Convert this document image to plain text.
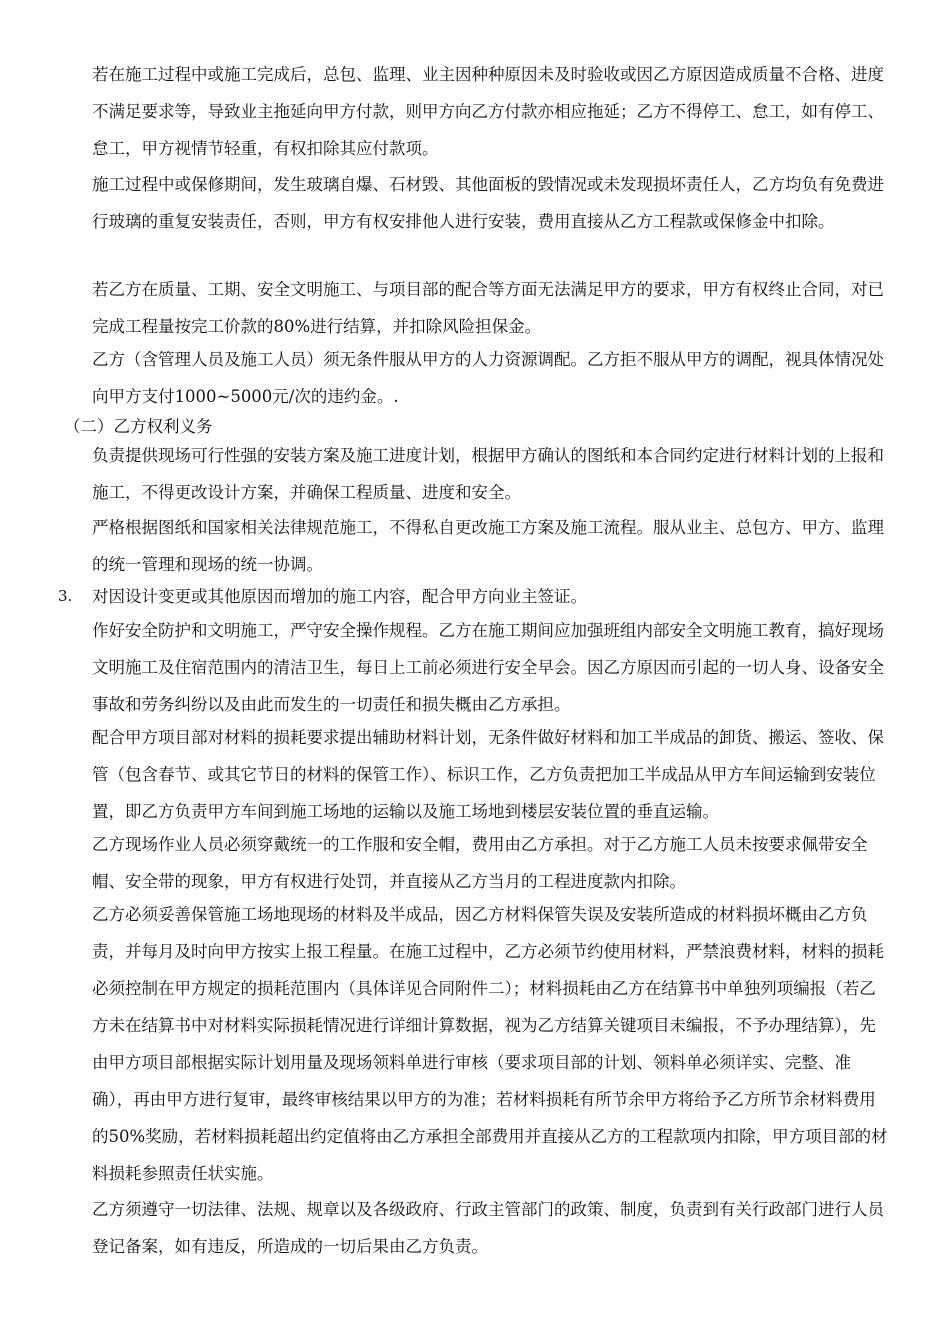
若在施工过程中或施工完成后，总包、监理、业主因种种原因未及时验收或因乙方原因造成质量不合格、进度不满足要求等，导致业主拖延向甲方付款，则甲方向乙方付款亦相应拖延；乙方不得停工、怠工，如有停工、怠工，甲方视情节轻重，有权扣除其应付款项。
施工过程中或保修期间，发生玻璃自爆、石材毁、其他面板的毁情况或未发现损坏责任人，乙方均负有免费进行玻璃的重复安装责任，否则，甲方有权安排他人进行安装，费用直接从乙方工程款或保修金中扣除。
若乙方在质量、工期、安全文明施工、与项目部的配合等方面无法满足甲方的要求，甲方有权终止合同，对已完成工程量按完工价款的80%进行结算，并扣除风险担保金。
乙方（含管理人员及施工人员）须无条件服从甲方的人力资源调配。乙方拒不服从甲方的调配，视具体情况处向甲方支付1000~5000元/次的违约金。.
（二）乙方权利义务
负责提供现场可行性强的安装方案及施工进度计划，根据甲方确认的图纸和本合同约定进行材料计划的上报和施工，不得更改设计方案，并确保工程质量、进度和安全。
严格根据图纸和国家相关法律规范施工，不得私自更改施工方案及施工流程。服从业主、总包方、甲方、监理的统一管理和现场的统一协调。
3.	对因设计变更或其他原因而增加的施工内容，配合甲方向业主签证。
作好安全防护和文明施工，严守安全操作规程。乙方在施工期间应加强班组内部安全文明施工教育，搞好现场文明施工及住宿范围内的清洁卫生，每日上工前必须进行安全早会。因乙方原因而引起的一切人身、设备安全事故和劳务纠纷以及由此而发生的一切责任和损失概由乙方承担。
配合甲方项目部对材料的损耗要求提出辅助材料计划，无条件做好材料和加工半成品的卸货、搬运、签收、保管（包含春节、或其它节日的材料的保管工作）、标识工作，乙方负责把加工半成品从甲方车间运输到安装位置，即乙方负责甲方车间到施工场地的运输以及施工场地到楼层安装位置的垂直运输。
乙方现场作业人员必须穿戴统一的工作服和安全帽，费用由乙方承担。对于乙方施工人员未按要求佩带安全帽、安全带的现象，甲方有权进行处罚，并直接从乙方当月的工程进度款内扣除。
乙方必须妥善保管施工场地现场的材料及半成品，因乙方材料保管失误及安装所造成的材料损坏概由乙方负责，并每月及时向甲方按实上报工程量。在施工过程中，乙方必须节约使用材料，严禁浪费材料，材料的损耗必须控制在甲方规定的损耗范围内（具体详见合同附件二）；材料损耗由乙方在结算书中单独列项编报（若乙方未在结算书中对材料实际损耗情况进行详细计算数据，视为乙方结算关键项目未编报，不予办理结算），先由甲方项目部根据实际计划用量及现场领料单进行审核（要求项目部的计划、领料单必须详实、完整、准确），再由甲方进行复审，最终审核结果以甲方的为准；若材料损耗有所节余甲方将给予乙方所节余材料费用的50%奖励，若材料损耗超出约定值将由乙方承担全部费用并直接从乙方的工程款项内扣除，甲方项目部的材料损耗参照责任状实施。
乙方须遵守一切法律、法规、规章以及各级政府、行政主管部门的政策、制度，负责到有关行政部门进行人员登记备案，如有违反，所造成的一切后果由乙方负责。
